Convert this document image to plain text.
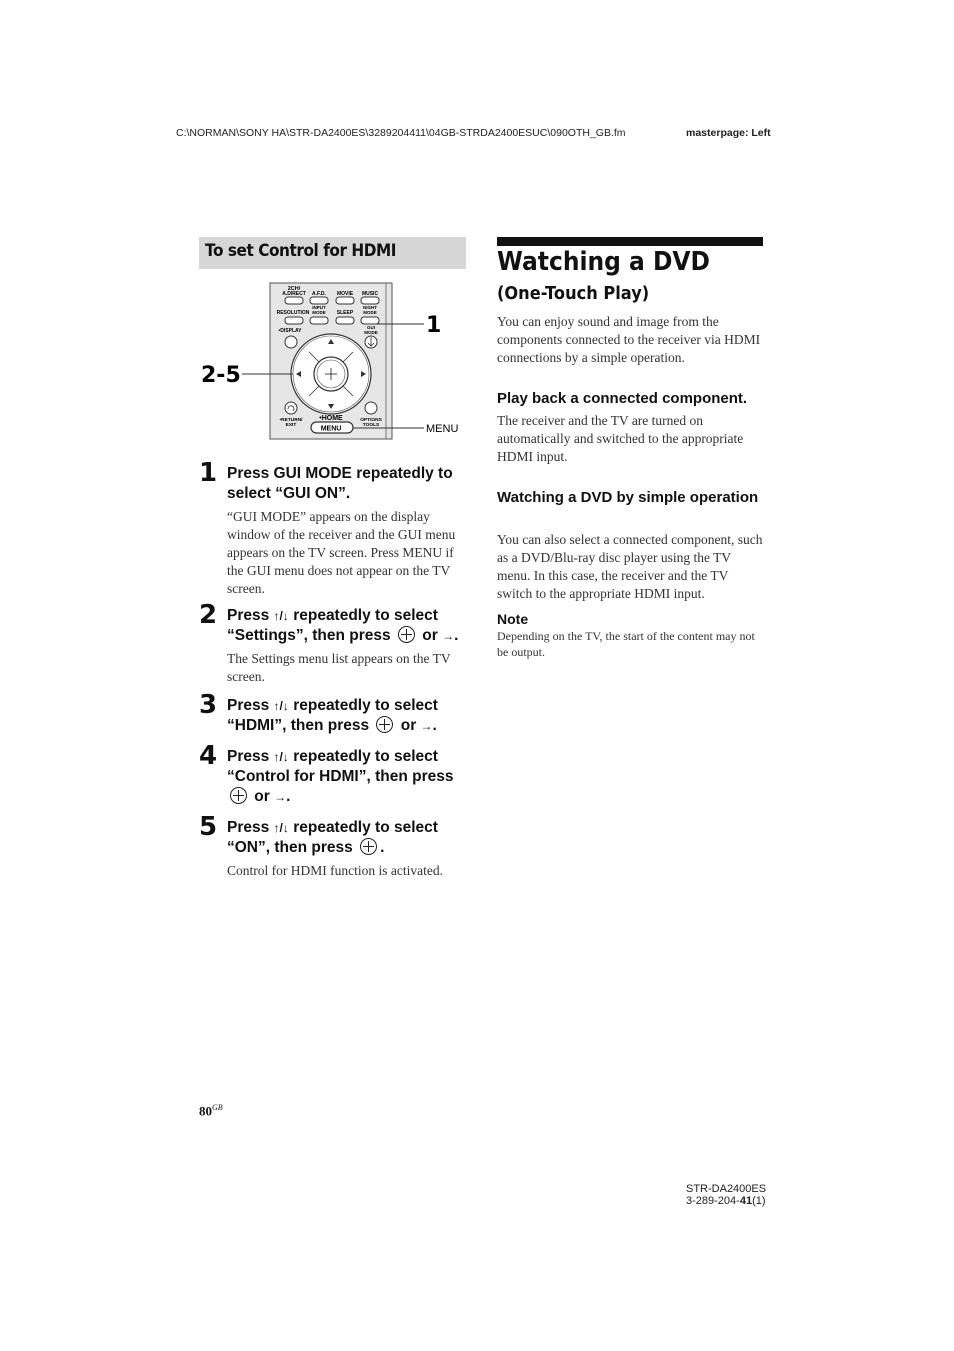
C:\NORMAN\SONY HA\STR-DA2400ES\3289204411\04GB-STRDA2400ESUC\090OTH_GB.fm	masterpage: Left
To set Control for HDMI
2CH/
A.DIRECT A.F.D. MOVIE MUSIC
INPUT	NIGHT
RESOLUTION MODE SLEEP MODE
•DISPLAY
GUI
MODE
•RETURN/
EXIT
•HOME	OPTIONS
TOOLS
MENU
1
2-5
MENU
1 Press GUI MODE repeatedly to select “GUI ON”.
“GUI MODE” appears on the display window of the receiver and the GUI menu appears on the TV screen. Press MENU if the GUI menu does not appear on the TV screen.
2 Press ↑/↓ repeatedly to select “Settings”, then press  or →.
The Settings menu list appears on the TV screen.
3 Press ↑/↓ repeatedly to select “HDMI”, then press  or →.
4 Press ↑/↓ repeatedly to select “Control for HDMI”, then press  or →.
5 Press ↑/↓ repeatedly to select “ON”, then press .
Control for HDMI function is activated.
Watching a DVD
(One-Touch Play)
You can enjoy sound and image from the components connected to the receiver via HDMI connections by a simple operation.
Play back a connected component.
The receiver and the TV are turned on automatically and switched to the appropriate HDMI input.
Watching a DVD by simple operation
You can also select a connected component, such as a DVD/Blu-ray disc player using the TV menu. In this case, the receiver and the TV switch to the appropriate HDMI input.
Note
Depending on the TV, the start of the content may not be output.
$80^{GB}$
STR-DA2400ES
3-289-204-41(1)
